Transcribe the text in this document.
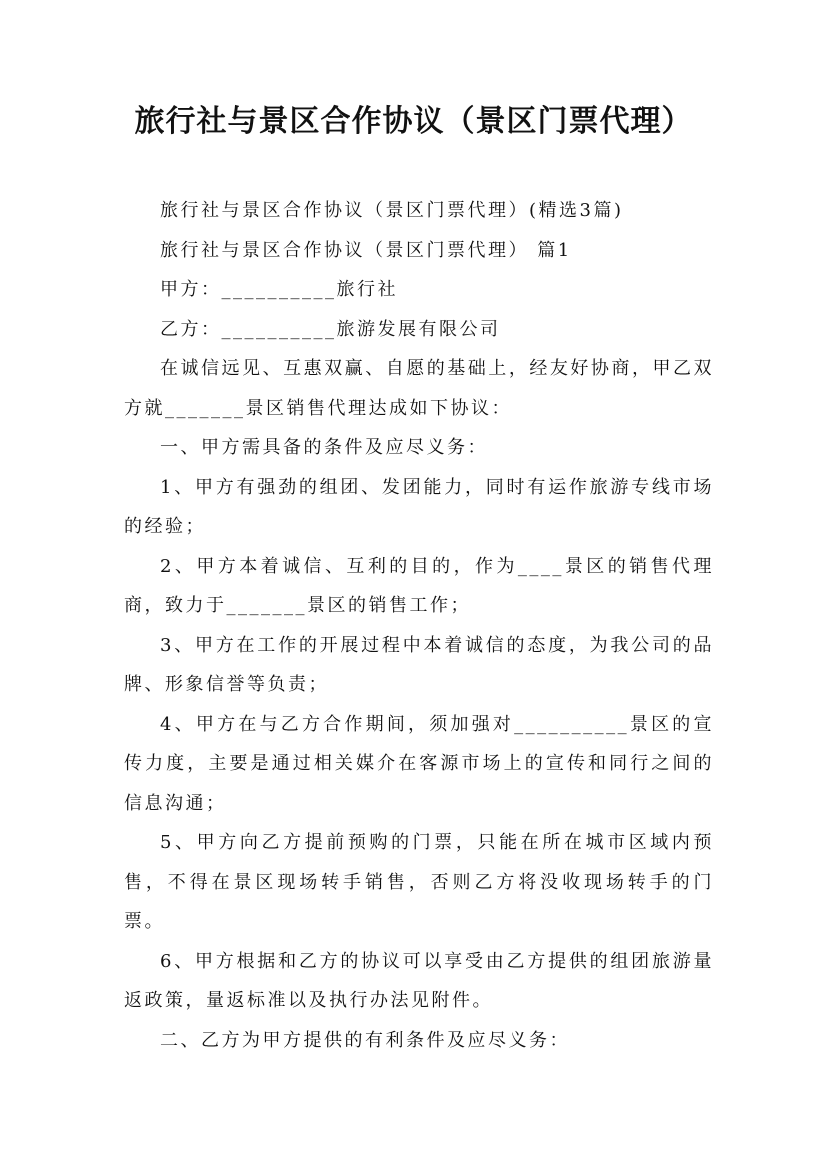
旅行社与景区合作协议（景区门票代理）

旅行社与景区合作协议（景区门票代理）(精选3篇)

旅行社与景区合作协议（景区门票代理） 篇1

甲方：__________旅行社

乙方：__________旅游发展有限公司

在诚信远见、互惠双赢、自愿的基础上，经友好协商，甲乙双方就_______景区销售代理达成如下协议：

一、甲方需具备的条件及应尽义务：

1、甲方有强劲的组团、发团能力，同时有运作旅游专线市场的经验；

2、甲方本着诚信、互利的目的，作为____景区的销售代理商，致力于_______景区的销售工作；

3、甲方在工作的开展过程中本着诚信的态度，为我公司的品牌、形象信誉等负责；

4、甲方在与乙方合作期间，须加强对__________景区的宣传力度，主要是通过相关媒介在客源市场上的宣传和同行之间的信息沟通；

5、甲方向乙方提前预购的门票，只能在所在城市区域内预售，不得在景区现场转手销售，否则乙方将没收现场转手的门票。

6、甲方根据和乙方的协议可以享受由乙方提供的组团旅游量返政策，量返标准以及执行办法见附件。

二、乙方为甲方提供的有利条件及应尽义务：
